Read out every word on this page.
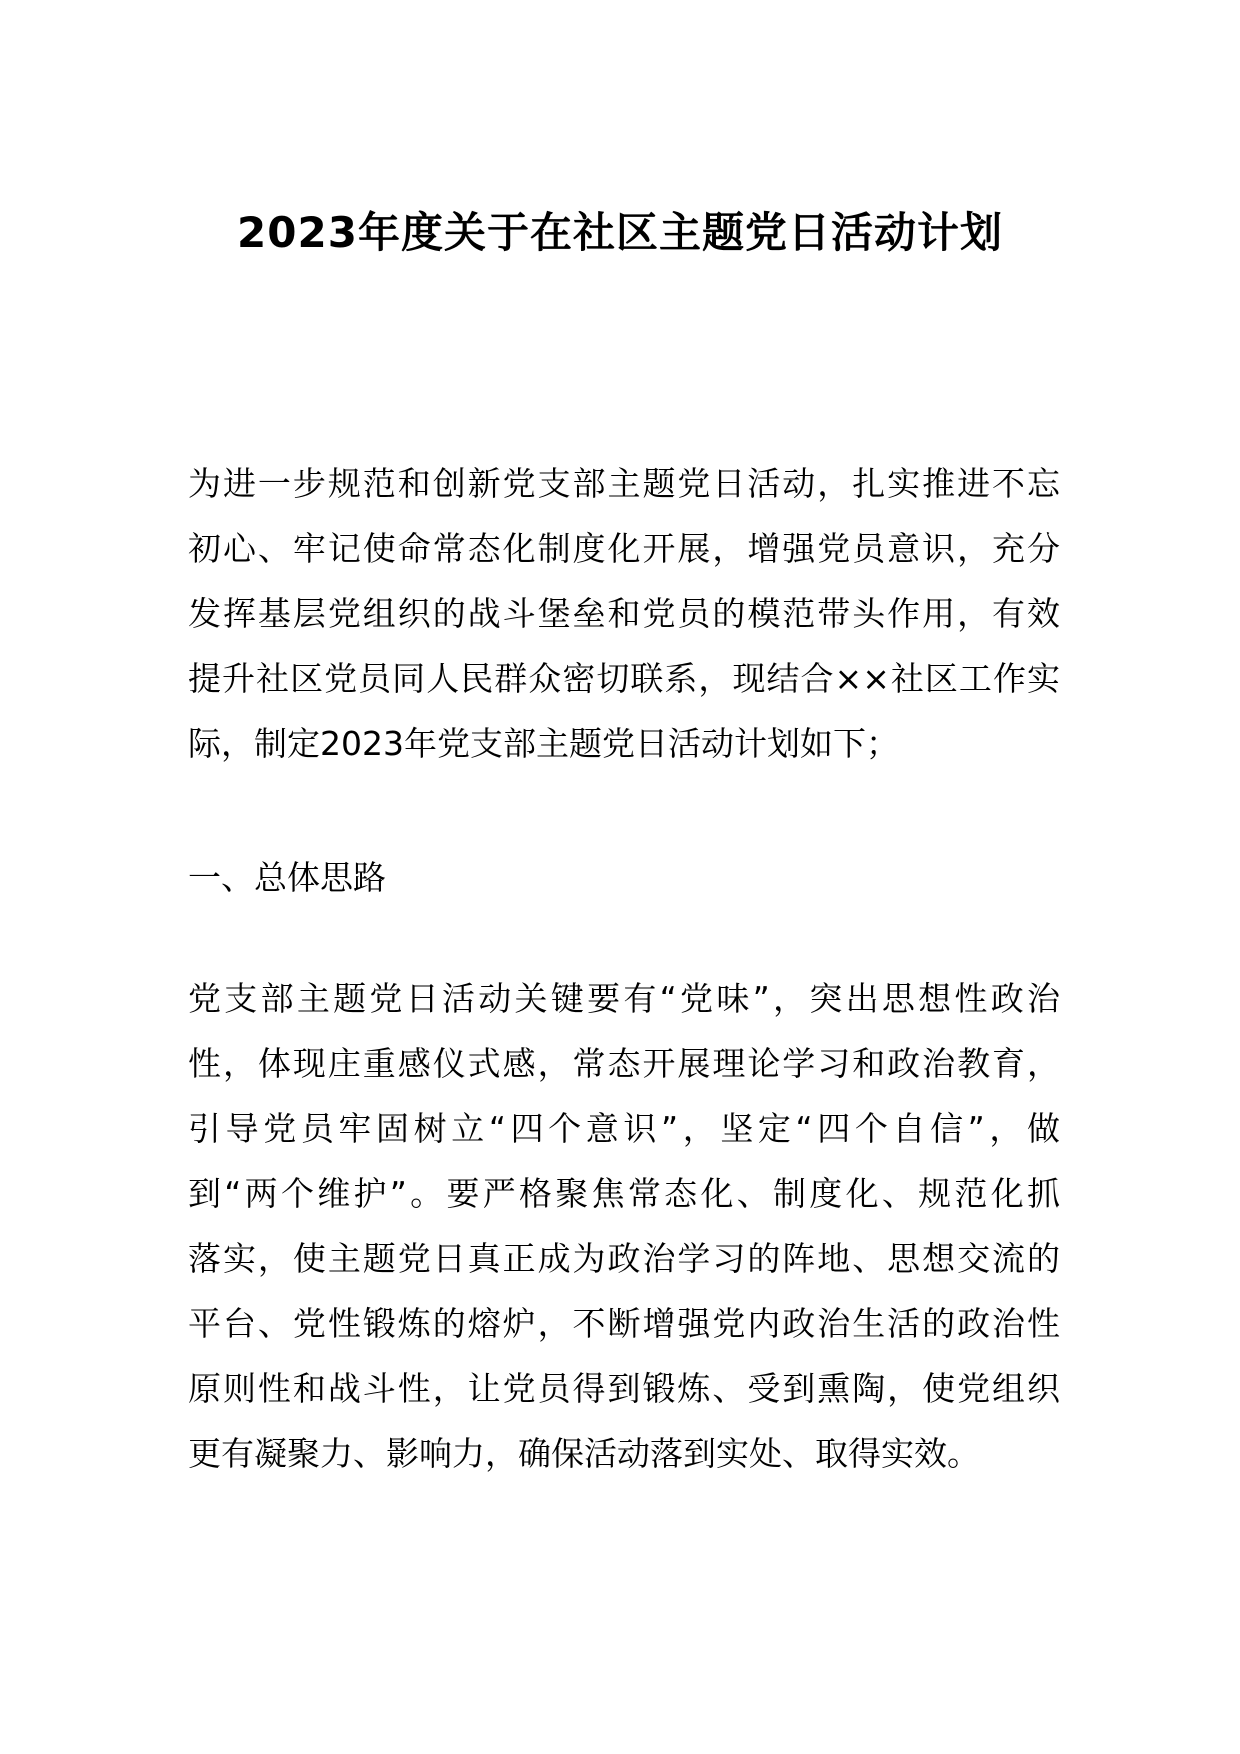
2023年度关于在社区主题党日活动计划
为进一步规范和创新党支部主题党日活动，扎实推进不忘
初心、牢记使命常态化制度化开展，增强党员意识，充分
发挥基层党组织的战斗堡垒和党员的模范带头作用，有效
提升社区党员同人民群众密切联系，现结合××社区工作实
际，制定2023年党支部主题党日活动计划如下；
一、总体思路
党支部主题党日活动关键要有“党味”，突出思想性政治
性，体现庄重感仪式感，常态开展理论学习和政治教育，
引导党员牢固树立“四个意识”，坚定“四个自信”，做
到“两个维护”。要严格聚焦常态化、制度化、规范化抓
落实，使主题党日真正成为政治学习的阵地、思想交流的
平台、党性锻炼的熔炉，不断增强党内政治生活的政治性
原则性和战斗性，让党员得到锻炼、受到熏陶，使党组织
更有凝聚力、影响力，确保活动落到实处、取得实效。
